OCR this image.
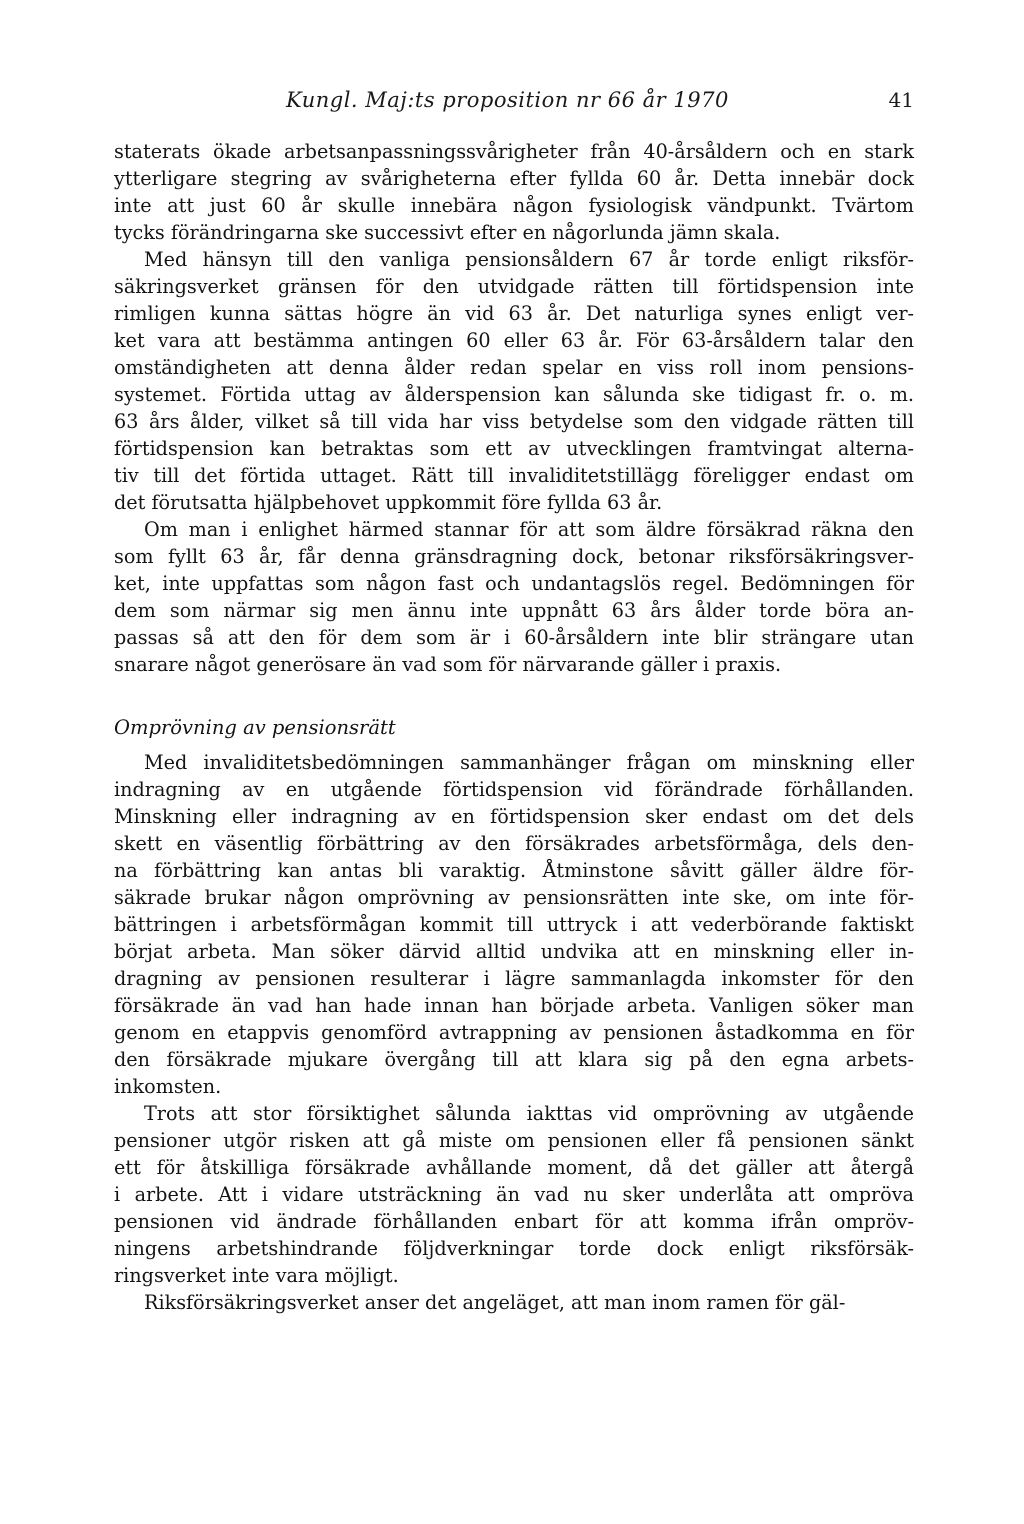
Kungl. Maj:ts proposition nr 66 år 1970	41
staterats ökade arbetsanpassningssvårigheter från 40-årsåldern och en stark
ytterligare stegring av svårigheterna efter fyllda 60 år. Detta innebär dock
inte att just 60 år skulle innebära någon fysiologisk vändpunkt. Tvärtom
tycks förändringarna ske successivt efter en någorlunda jämn skala.
Med hänsyn till den vanliga pensionsåldern 67 år torde enligt riksför-
säkringsverket gränsen för den utvidgade rätten till förtidspension inte
rimligen kunna sättas högre än vid 63 år. Det naturliga synes enligt ver-
ket vara att bestämma antingen 60 eller 63 år. För 63-årsåldern talar den
omständigheten att denna ålder redan spelar en viss roll inom pensions-
systemet. Förtida uttag av ålderspension kan sålunda ske tidigast fr. o. m.
63 års ålder, vilket så till vida har viss betydelse som den vidgade rätten till
förtidspension kan betraktas som ett av utvecklingen framtvingat alterna-
tiv till det förtida uttaget. Rätt till invaliditetstillägg föreligger endast om
det förutsatta hjälpbehovet uppkommit före fyllda 63 år.
Om man i enlighet härmed stannar för att som äldre försäkrad räkna den
som fyllt 63 år, får denna gränsdragning dock, betonar riksförsäkringsver-
ket, inte uppfattas som någon fast och undantagslös regel. Bedömningen för
dem som närmar sig men ännu inte uppnått 63 års ålder torde böra an-
passas så att den för dem som är i 60-årsåldern inte blir strängare utan
snarare något generösare än vad som för närvarande gäller i praxis.
Omprövning av pensionsrätt
Med invaliditetsbedömningen sammanhänger frågan om minskning eller
indragning av en utgående förtidspension vid förändrade förhållanden.
Minskning eller indragning av en förtidspension sker endast om det dels
skett en väsentlig förbättring av den försäkrades arbetsförmåga, dels den-
na förbättring kan antas bli varaktig. Åtminstone såvitt gäller äldre för-
säkrade brukar någon omprövning av pensionsrätten inte ske, om inte för-
bättringen i arbetsförmågan kommit till uttryck i att vederbörande faktiskt
börjat arbeta. Man söker därvid alltid undvika att en minskning eller in-
dragning av pensionen resulterar i lägre sammanlagda inkomster för den
försäkrade än vad han hade innan han började arbeta. Vanligen söker man
genom en etappvis genomförd avtrappning av pensionen åstadkomma en för
den försäkrade mjukare övergång till att klara sig på den egna arbets-
inkomsten.
Trots att stor försiktighet sålunda iakttas vid omprövning av utgående
pensioner utgör risken att gå miste om pensionen eller få pensionen sänkt
ett för åtskilliga försäkrade avhållande moment, då det gäller att återgå
i arbete. Att i vidare utsträckning än vad nu sker underlåta att ompröva
pensionen vid ändrade förhållanden enbart för att komma ifrån ompröv-
ningens arbetshindrande följdverkningar torde dock enligt riksförsäk-
ringsverket inte vara möjligt.
Riksförsäkringsverket anser det angeläget, att man inom ramen för gäl-
